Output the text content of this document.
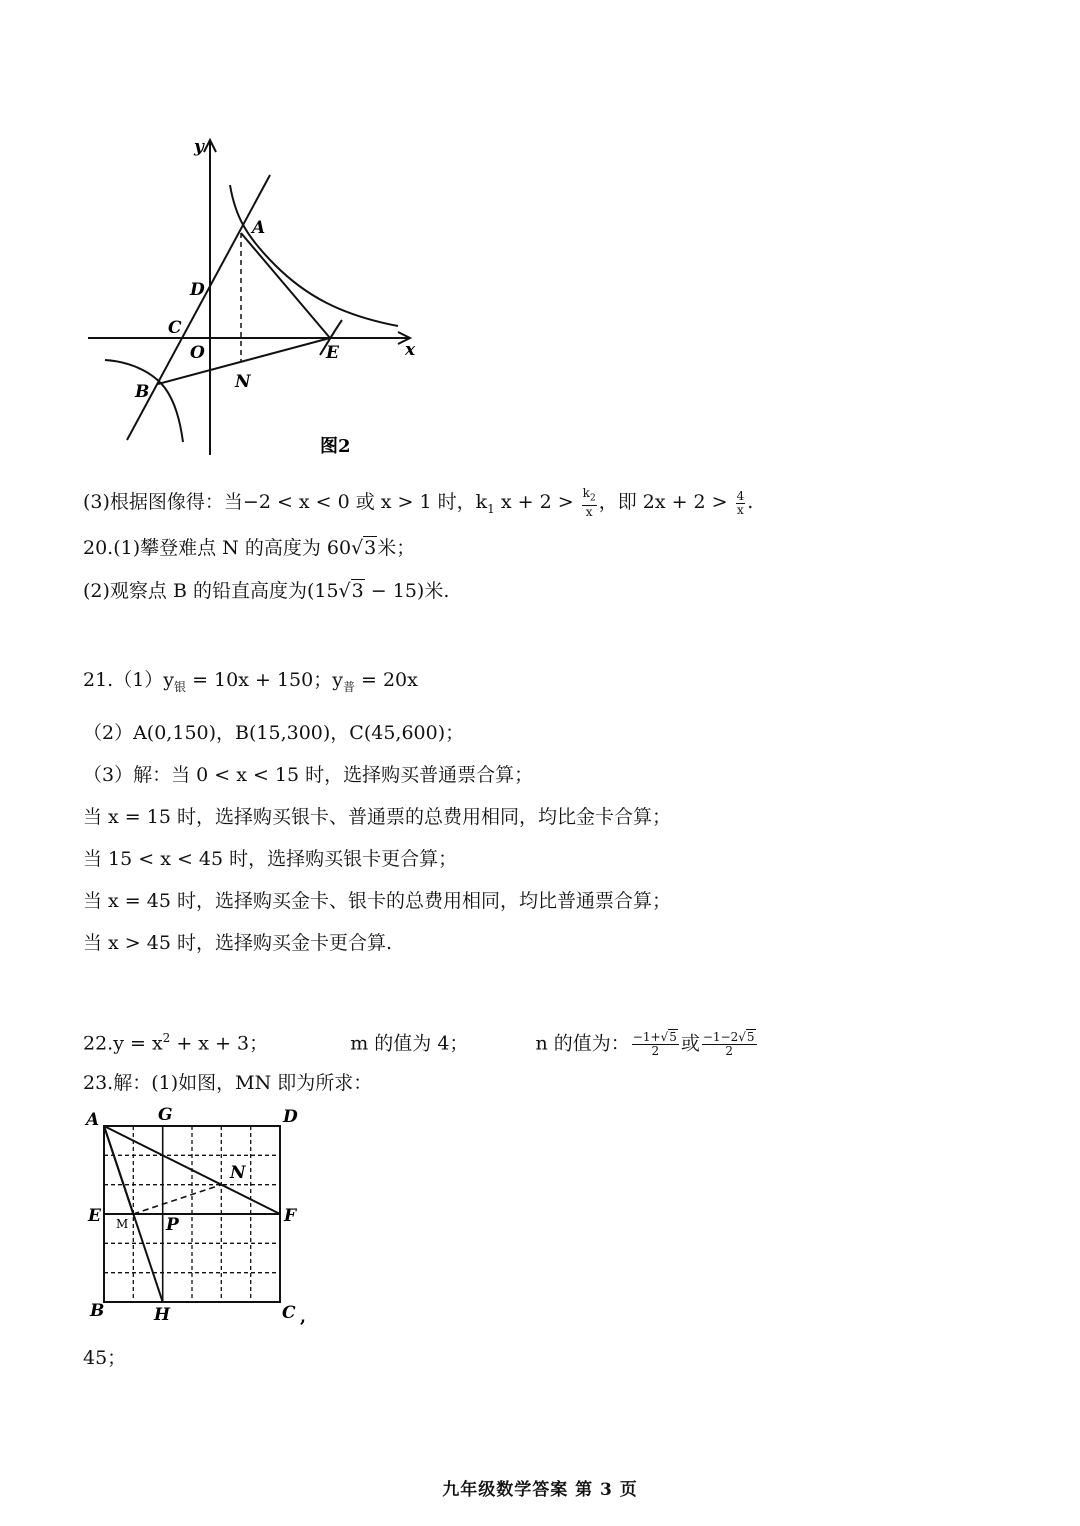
y
x
A
D
C
O	E
N
B
图2
(3)根据图像得：当−2 < x < 0 或 x > 1 时，$k_1$ $x + 2 > \frac{k_2}{x}$ ，即 $2x + 2 > \frac{4}{x}$ .
20.(1)攀登难点 N 的高度为 60√3米；
(2)观察点 B 的铅直高度为(15√3 − 15)米.
$21.(1)y_银 = 10x + 150$；$y_普 = 20x$
（2）A(0,150)，B(15,300)，C(45,600)；
（3）解：当 0 < x < 15 时，选择购买普通票合算；
当 x = 15 时，选择购买银卡、普通票的总费用相同，均比金卡合算；
当 15 < x < 45 时，选择购买银卡更合算；
当 x = 45 时，选择购买金卡、银卡的总费用相同，均比普通票合算；
当 x > 45 时，选择购买金卡更合算.
$22.y = x^2 + x + 3$；	m 的值为 4；	n 的值为： $\frac{-1+√5}{2}$ 或 $\frac{-1-2√5}{2}$
23.解：(1)如图，MN 即为所求：
A	G	D
N
E M P	F
B	H	C ,
45；
九年级数学答案 第 3 页
